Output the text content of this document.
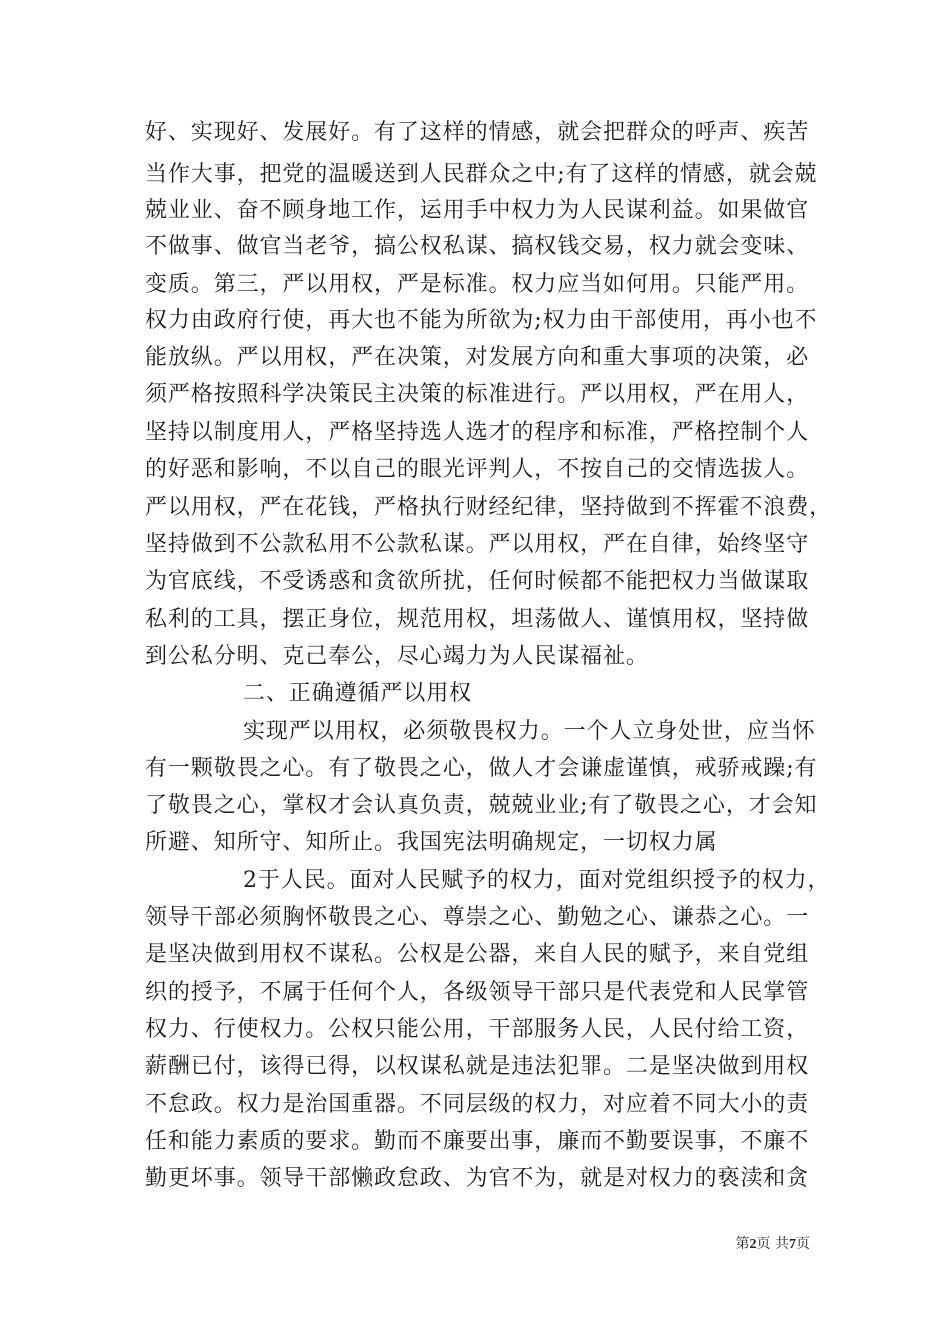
好、实现好、发展好。有了这样的情感，就会把群众的呼声、疾苦
当作大事，把党的温暖送到人民群众之中;有了这样的情感，就会兢
兢业业、奋不顾身地工作，运用手中权力为人民谋利益。如果做官
不做事、做官当老爷，搞公权私谋、搞权钱交易，权力就会变味、
变质。第三，严以用权，严是标准。权力应当如何用。只能严用。
权力由政府行使，再大也不能为所欲为;权力由干部使用，再小也不
能放纵。严以用权，严在决策，对发展方向和重大事项的决策，必
须严格按照科学决策民主决策的标准进行。严以用权，严在用人，
坚持以制度用人，严格坚持选人选才的程序和标准，严格控制个人
的好恶和影响，不以自己的眼光评判人，不按自己的交情选拔人。
严以用权，严在花钱，严格执行财经纪律，坚持做到不挥霍不浪费，
坚持做到不公款私用不公款私谋。严以用权，严在自律，始终坚守
为官底线，不受诱惑和贪欲所扰，任何时候都不能把权力当做谋取
私利的工具，摆正身位，规范用权，坦荡做人、谨慎用权，坚持做
到公私分明、克己奉公，尽心竭力为人民谋福祉。
二、正确遵循严以用权
实现严以用权，必须敬畏权力。一个人立身处世，应当怀
有一颗敬畏之心。有了敬畏之心，做人才会谦虚谨慎，戒骄戒躁;有
了敬畏之心，掌权才会认真负责，兢兢业业;有了敬畏之心，才会知
所避、知所守、知所止。我国宪法明确规定，一切权力属
2于人民。面对人民赋予的权力，面对党组织授予的权力，
领导干部必须胸怀敬畏之心、尊崇之心、勤勉之心、谦恭之心。一
是坚决做到用权不谋私。公权是公器，来自人民的赋予，来自党组
织的授予，不属于任何个人，各级领导干部只是代表党和人民掌管
权力、行使权力。公权只能公用，干部服务人民，人民付给工资，
薪酬已付，该得已得，以权谋私就是违法犯罪。二是坚决做到用权
不怠政。权力是治国重器。不同层级的权力，对应着不同大小的责
任和能力素质的要求。勤而不廉要出事，廉而不勤要误事，不廉不
勤更坏事。领导干部懒政怠政、为官不为，就是对权力的亵渎和贪
第2页 共7页
